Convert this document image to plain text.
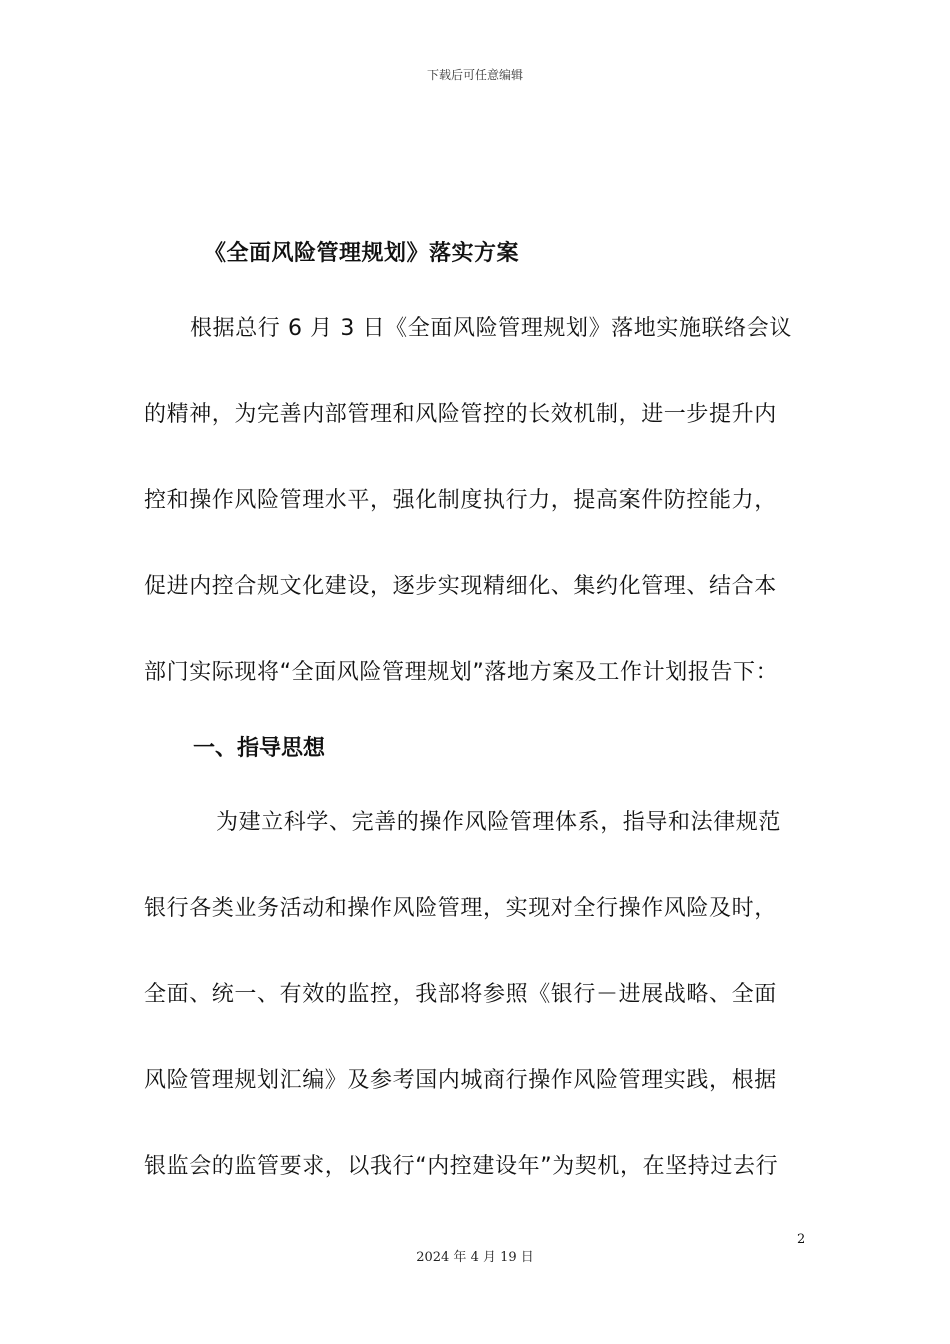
下载后可任意编辑
《全面风险管理规划》落实方案
根据总行 6 月 3 日《全面风险管理规划》落地实施联络会议
的精神，为完善内部管理和风险管控的长效机制，进一步提升内
控和操作风险管理水平，强化制度执行力，提高案件防控能力，
促进内控合规文化建设，逐步实现精细化、集约化管理、结合本
部门实际现将“全面风险管理规划”落地方案及工作计划报告下：
一、指导思想
为建立科学、完善的操作风险管理体系，指导和法律规范
银行各类业务活动和操作风险管理，实现对全行操作风险及时，
全面、统一、有效的监控，我部将参照《银行－进展战略、全面
风险管理规划汇编》及参考国内城商行操作风险管理实践，根据
银监会的监管要求，以我行“内控建设年”为契机，在坚持过去行
2
2024 年 4 月 19 日
